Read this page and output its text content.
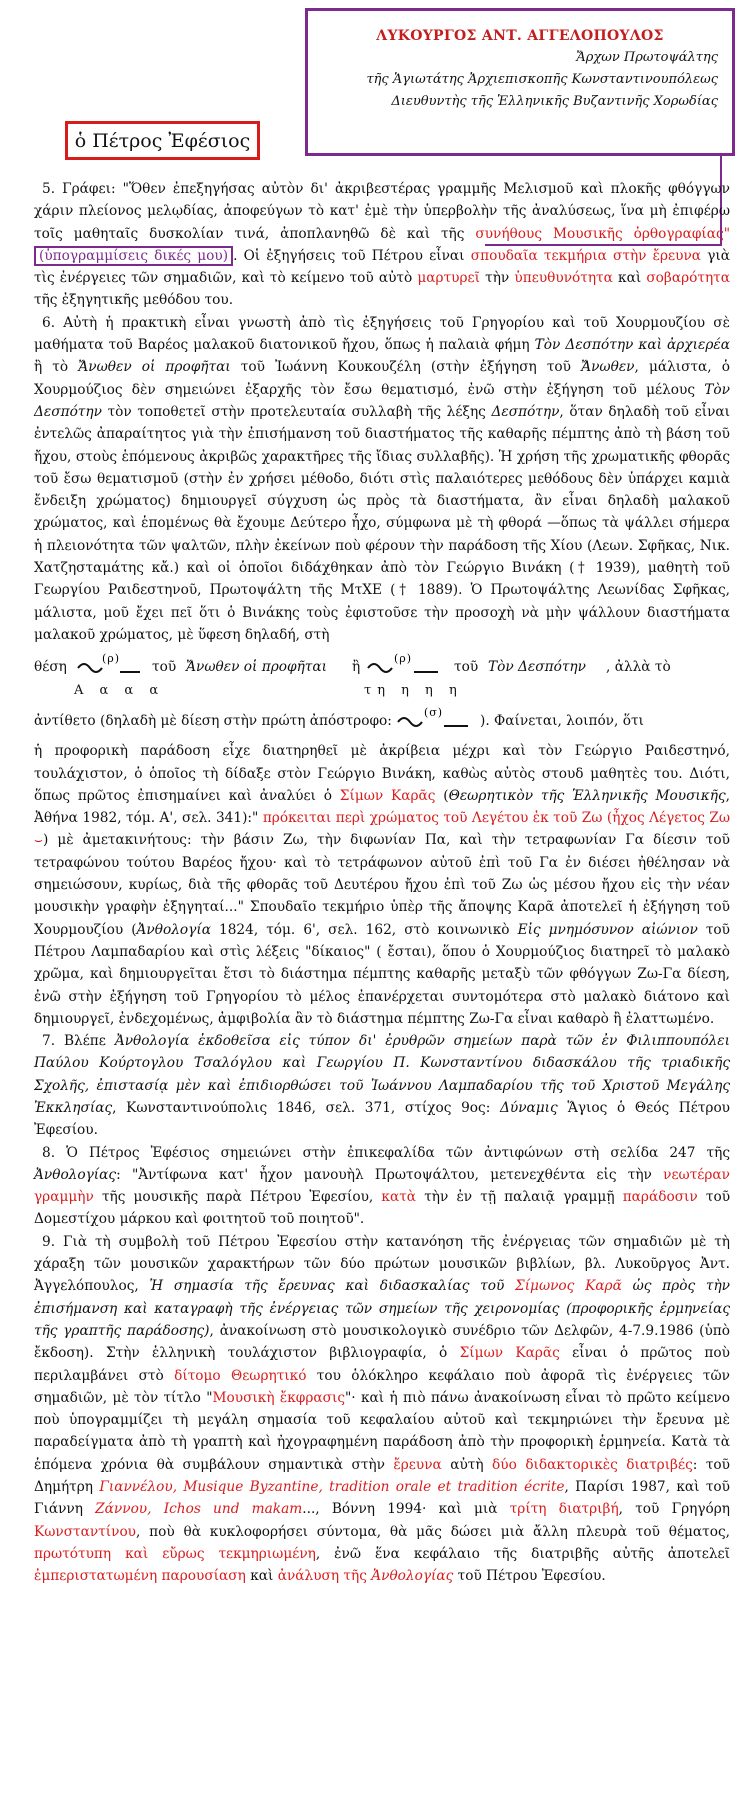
ΛΥΚΟΥΡΓΟΣ ΑΝΤ. ΑΓΓΕΛΟΠΟΥΛΟΣ
Ἄρχων Πρωτοψάλτης
τῆς Ἁγιωτάτης Ἀρχιεπισκοπῆς Κωνσταντινουπόλεως
Διευθυντὴς τῆς Ἑλληνικῆς Βυζαντινῆς Χορωδίας
ὁ Πέτρος Ἐφέσιος

5. Γράφει: "Ὅθεν ἐπεξηγήσας αὐτὸν δι' ἀκριβεστέρας γραμμῆς Μελισμοῦ καὶ πλοκῆς φθόγγων χάριν πλείονος μελῳδίας, ἀποφεύγων τὸ κατ' ἐμὲ τὴν ὑπερβολὴν τῆς ἀναλύσεως, ἵνα μὴ ἐπιφέρω τοῖς μαθηταῖς δυσκολίαν τινά, ἀποπλανηθῶ δὲ καὶ τῆς συνήθους Μουσικῆς ὀρθογραφίας" (ὑπογραμμίσεις δικές μου) . Οἱ ἐξηγήσεις τοῦ Πέτρου εἶναι σπουδαῖα τεκμήρια στὴν ἔρευνα γιὰ τὶς ἐνέργειες τῶν σημαδιῶν, καὶ τὸ κείμενο τοῦ αὐτὸ μαρτυρεῖ τὴν ὑπευθυνότητα καὶ σοβαρότητα τῆς ἐξηγητικῆς μεθόδου του.

6. Αὐτὴ ἡ πρακτικὴ εἶναι γνωστὴ ἀπὸ τὶς ἐξηγήσεις τοῦ Γρηγορίου καὶ τοῦ Χουρμουζίου σὲ μαθήματα τοῦ Βαρέος μαλακοῦ διατονικοῦ ἤχου, ὅπως ἡ παλαιὰ φήμη Τὸν Δεσπότην καὶ ἀρχιερέα ἢ τὸ Ἄνωθεν οἱ προφῆται τοῦ Ἰωάννη Κουκουζέλη (στὴν ἐξήγηση τοῦ Ἄνωθεν, μάλιστα, ὁ Χουρμούζιος δὲν σημειώνει ἐξαρχῆς τὸν ἔσω θεματισμό, ἐνῶ στὴν ἐξήγηση τοῦ μέλους Τὸν Δεσπότην τὸν τοποθετεῖ στὴν προτελευταία συλλαβὴ τῆς λέξης Δεσπότην, ὅταν δηλαδὴ τοῦ εἶναι ἐντελῶς ἀπαραίτητος γιὰ τὴν ἐπισήμανση τοῦ διαστήματος τῆς καθαρῆς πέμπτης ἀπὸ τὴ βάση τοῦ ἤχου, στοὺς ἑπόμενους ἀκριβῶς χαρακτῆρες τῆς ἴδιας συλλαβῆς). Ἡ χρήση τῆς χρωματικῆς φθορᾶς τοῦ ἔσω θεματισμοῦ (στὴν ἐν χρήσει μέθοδο, διότι στὶς παλαιότερες μεθόδους δὲν ὑπάρχει καμιὰ ἔνδειξη χρώματος) δημιουργεῖ σύγχυση ὡς πρὸς τὰ διαστήματα, ἂν εἶναι δηλαδὴ μαλακοῦ χρώματος, καὶ ἑπομένως θὰ ἔχουμε Δεύτερο ἦχο, σύμφωνα μὲ τὴ φθορά —ὅπως τὰ ψάλλει σήμερα ἡ πλειονότητα τῶν ψαλτῶν, πλὴν ἐκείνων ποὺ φέρουν τὴν παράδοση τῆς Χίου (Λεων. Σφῆκας, Νικ. Χατζησταμάτης κἄ.) καὶ οἱ ὁποῖοι διδάχθηκαν ἀπὸ τὸν Γεώργιο Βινάκη († 1939), μαθητὴ τοῦ Γεωργίου Ραιδεστηνοῦ, Πρωτοψάλτη τῆς ΜτΧΕ († 1889). Ὁ Πρωτοψάλτης Λεωνίδας Σφῆκας, μάλιστα, μοῦ ἔχει πεῖ ὅτι ὁ Βινάκης τοὺς ἐφιστοῦσε τὴν προσοχὴ νὰ μὴν ψάλλουν διαστήματα μαλακοῦ χρώματος, μὲ ὕφεση δηλαδή, στὴ

θέση
(ρ)
τοῦ Ἄνωθεν οἱ προφῆται ἢ
(ρ)
τοῦ Τὸν Δεσπότην , ἀλλὰ τὸ
Α α α α	τη η η η
ἀντίθετο (δηλαδὴ μὲ δίεση στὴν πρώτη ἀπόστροφο:
(σ)
). Φαίνεται, λοιπόν, ὅτι

ἡ προφορικὴ παράδοση εἶχε διατηρηθεῖ μὲ ἀκρίβεια μέχρι καὶ τὸν Γεώργιο Ραιδεστηνό, τουλάχιστον, ὁ ὁποῖος τὴ δίδαξε στὸν Γεώργιο Βινάκη, καθὼς αὐτὸς στουδ μαθητὲς του. Διότι, ὅπως πρῶτος ἐπισημαίνει καὶ ἀναλύει ὁ Σίμων Καρᾶς (Θεωρητικὸν τῆς Ἑλληνικῆς Μουσικῆς, Ἀθήνα 1982, τόμ. Α', σελ. 341):" πρόκειται περὶ χρώματος τοῦ Λεγέτου ἐκ τοῦ Ζω (ἦχος Λέγετος Ζω ⌣) μὲ ἀμετακινήτους: τὴν βάσιν Ζω, τὴν διφωνίαν Πα, καὶ τὴν τετραφωνίαν Γα δίεσιν τοῦ τετραφώνου τούτου Βαρέος ἤχου· καὶ τὸ τετράφωνον αὐτοῦ ἐπὶ τοῦ Γα ἐν διέσει ἠθέλησαν νὰ σημειώσουν, κυρίως, διὰ τῆς φθορᾶς τοῦ Δευτέρου ἤχου ἐπὶ τοῦ Ζω ὡς μέσου ἤχου εἰς τὴν νέαν μουσικὴν γραφὴν ἐξηγηταί..." Σπουδαῖο τεκμήριο ὑπὲρ τῆς ἄποψης Καρᾶ ἀποτελεῖ ἡ ἐξήγηση τοῦ Χουρμουζίου (Ἀνθολογία 1824, τόμ. 6', σελ. 162, στὸ κοινωνικὸ Εἰς μνημόσυνον αἰώνιον τοῦ Πέτρου Λαμπαδαρίου καὶ στὶς λέξεις "δίκαιος" ( ἔσται), ὅπου ὁ Χουρμούζιος διατηρεῖ τὸ μαλακὸ χρῶμα, καὶ δημιουργεῖται ἔτσι τὸ διάστημα πέμπτης καθαρῆς μεταξὺ τῶν φθόγγων Ζω-Γα δίεση, ἐνῶ στὴν ἐξήγηση τοῦ Γρηγορίου τὸ μέλος ἐπανέρχεται συντομότερα στὸ μαλακὸ διάτονο καὶ δημιουργεῖ, ἐνδεχομένως, ἀμφιβολία ἂν τὸ διάστημα πέμπτης Ζω-Γα εἶναι καθαρὸ ἢ ἐλαττωμένο.

7. Βλέπε Ἀνθολογία ἐκδοθεῖσα εἰς τύπον δι' ἐρυθρῶν σημείων παρὰ τῶν ἐν Φιλιππουπόλει Παύλου Κούρτογλου Τσαλόγλου καὶ Γεωργίου Π. Κωνσταντίνου διδασκάλου τῆς τριαδικῆς Σχολῆς, ἐπιστασίᾳ μὲν καὶ ἐπιδιορθώσει τοῦ Ἰωάννου Λαμπαδαρίου τῆς τοῦ Χριστοῦ Μεγάλης Ἐκκλησίας, Κωνσταντινούπολις 1846, σελ. 371, στίχος 9ος: Δύναμις Ἅγιος ὁ Θεός Πέτρου Ἐφεσίου.

8. Ὁ Πέτρος Ἐφέσιος σημειώνει στὴν ἐπικεφαλίδα τῶν ἀντιφώνων στὴ σελίδα 247 τῆς Ἀνθολογίας: "Ἀντίφωνα κατ' ἦχον μανουὴλ Πρωτοψάλτου, μετενεχθέντα εἰς τὴν νεωτέραν γραμμὴν τῆς μουσικῆς παρὰ Πέτρου Ἐφεσίου, κατὰ τὴν ἐν τῇ παλαιᾷ γραμμῇ παράδοσιν τοῦ Δομεστίχου μάρκου καὶ φοιτητοῦ τοῦ ποιητοῦ".

9. Γιὰ τὴ συμβολὴ τοῦ Πέτρου Ἐφεσίου στὴν κατανόηση τῆς ἐνέργειας τῶν σημαδιῶν μὲ τὴ χάραξη τῶν μουσικῶν χαρακτήρων τῶν δύο πρώτων μουσικῶν βιβλίων, βλ. Λυκοῦργος Ἀντ. Ἀγγελόπουλος, Ἡ σημασία τῆς ἔρευνας καὶ διδασκαλίας τοῦ Σίμωνος Καρᾶ ὡς πρὸς τὴν ἐπισήμανση καὶ καταγραφὴ τῆς ἐνέργειας τῶν σημείων τῆς χειρονομίας (προφορικῆς ἑρμηνείας τῆς γραπτῆς παράδοσης), ἀνακοίνωση στὸ μουσικολογικὸ συνέδριο τῶν Δελφῶν, 4-7.9.1986 (ὑπὸ ἔκδοση). Στὴν ἑλληνικὴ τουλάχιστον βιβλιογραφία, ὁ Σίμων Καρᾶς εἶναι ὁ πρῶτος ποὺ περιλαμβάνει στὸ δίτομο Θεωρητικό του ὁλόκληρο κεφάλαιο ποὺ ἀφορᾶ τὶς ἐνέργειες τῶν σημαδιῶν, μὲ τὸν τίτλο "Μουσικὴ ἔκφρασις"· καὶ ἡ πιὸ πάνω ἀνακοίνωση εἶναι τὸ πρῶτο κείμενο ποὺ ὑπογραμμίζει τὴ μεγάλη σημασία τοῦ κεφαλαίου αὐτοῦ καὶ τεκμηριώνει τὴν ἔρευνα μὲ παραδείγματα ἀπὸ τὴ γραπτὴ καὶ ἠχογραφημένη παράδοση ἀπὸ τὴν προφορικὴ ἑρμηνεία. Κατὰ τὰ ἑπόμενα χρόνια θὰ συμβάλουν σημαντικὰ στὴν ἔρευνα αὐτὴ δύο διδακτορικὲς διατριβές: τοῦ Δημήτρη Γιαννέλου, Musique Byzantine, tradition orale et tradition écrite, Παρίσι 1987, καὶ τοῦ Γιάννη Ζάννου, Ichos und makam..., Βόννη 1994· καὶ μιὰ τρίτη διατριβή, τοῦ Γρηγόρη Κωνσταντίνου, ποὺ θὰ κυκλοφορήσει σύντομα, θὰ μᾶς δώσει μιὰ ἄλλη πλευρὰ τοῦ θέματος, πρωτότυπη καὶ εὔρως τεκμηριωμένη, ἐνῶ ἕνα κεφάλαιο τῆς διατριβῆς αὐτῆς ἀποτελεῖ ἐμπεριστατωμένη παρουσίαση καὶ ἀνάλυση τῆς Ἀνθολογίας τοῦ Πέτρου Ἐφεσίου.
